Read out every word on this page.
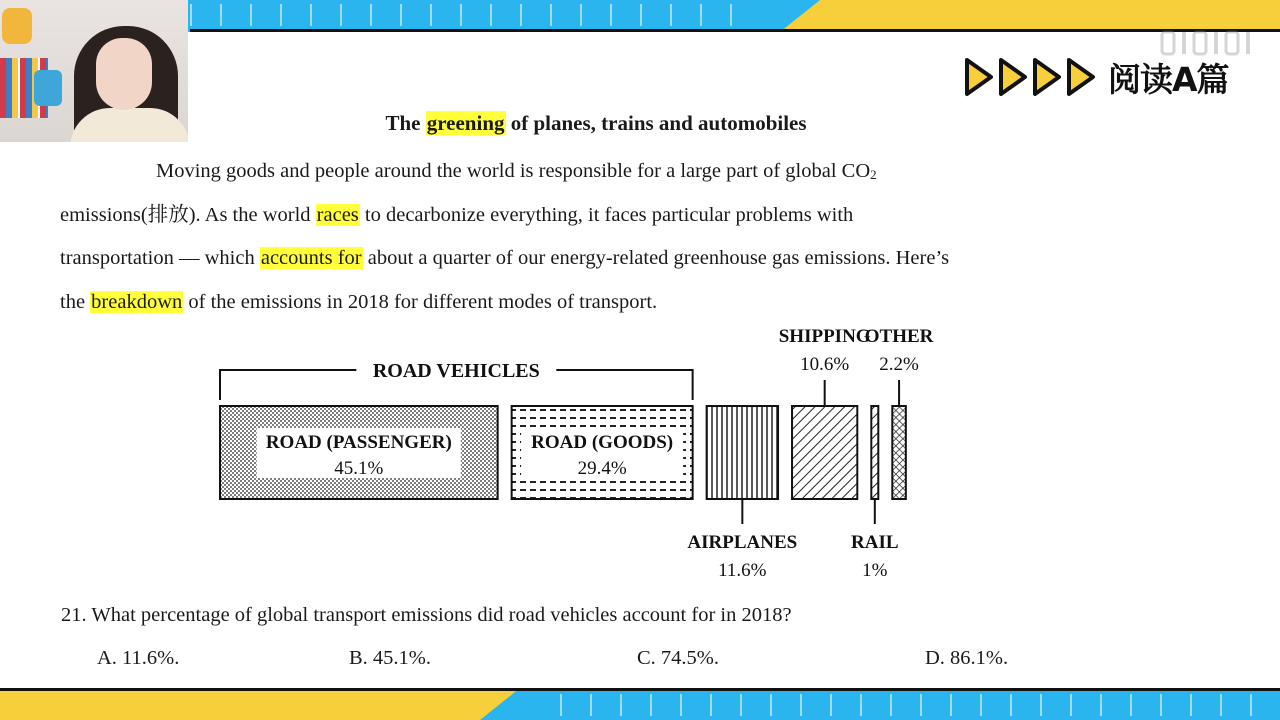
阅读A篇
The greening of planes, trains and automobiles

Moving goods and people around the world is responsible for a large part of global $CO_2$

emissions(排放). As the world races to decarbonize everything, it faces particular problems with

transportation — which accounts for about a quarter of our energy-related greenhouse gas emissions. Here’s

the breakdown of the emissions in 2018 for different modes of transport.

ROAD VEHICLES
ROAD (PASSENGER)
45.1%
ROAD (GOODS)
29.4%
AIRPLANES
11.6%
SHIPPING
10.6%
RAIL
1%
OTHER
2.2%
21. What percentage of global transport emissions did road vehicles account for in 2018?
A. 11.6%.	B. 45.1%.	C. 74.5%.	D. 86.1%.
